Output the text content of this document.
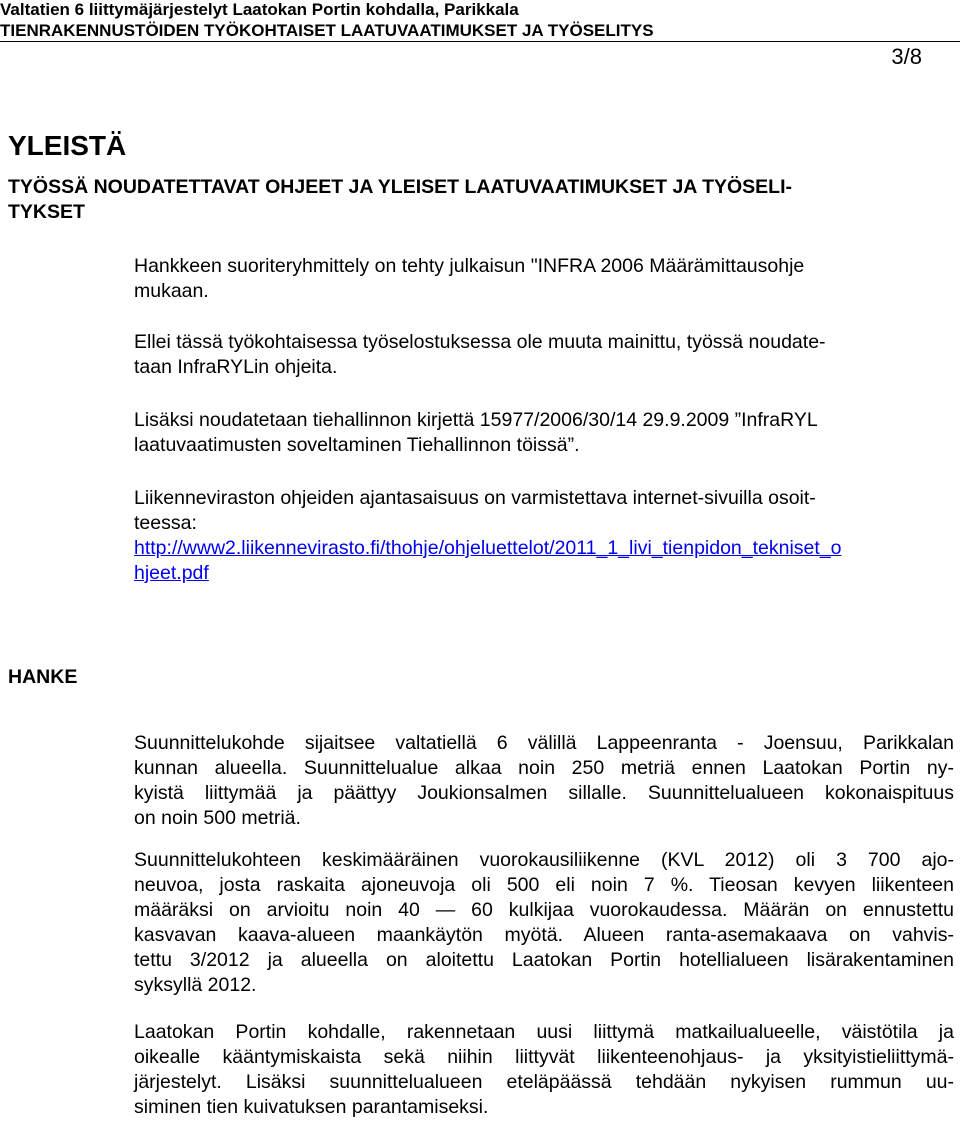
Valtatien 6 liittymäjärjestelyt Laatokan Portin kohdalla, Parikkala
TIENRAKENNUSTÖIDEN TYÖKOHTAISET LAATUVAATIMUKSET JA TYÖSELITYS
3/8
YLEISTÄ
TYÖSSÄ NOUDATETTAVAT OHJEET JA YLEISET LAATUVAATIMUKSET JA TYÖSELI-
TYKSET
Hankkeen suoriteryhmittely on tehty julkaisun "INFRA 2006 Määrämittausohje
mukaan.
Ellei tässä työkohtaisessa työselostuksessa ole muuta mainittu, työssä noudate-
taan InfraRYLin ohjeita.
Lisäksi noudatetaan tiehallinnon kirjettä 15977/2006/30/14 29.9.2009 ”InfraRYL
laatuvaatimusten soveltaminen Tiehallinnon töissä”.
Liikenneviraston ohjeiden ajantasaisuus on varmistettava internet-sivuilla osoit-
teessa:
http://www2.liikennevirasto.fi/thohje/ohjeluettelot/2011_1_livi_tienpidon_tekniset_o
hjeet.pdf
HANKE
Suunnittelukohde sijaitsee valtatiellä 6 välillä Lappeenranta - Joensuu, Parikkalan
kunnan alueella. Suunnittelualue alkaa noin 250 metriä ennen Laatokan Portin ny-
kyistä liittymää ja päättyy Joukionsalmen sillalle. Suunnittelualueen kokonaispituus
on noin 500 metriä.
Suunnittelukohteen keskimääräinen vuorokausiliikenne (KVL 2012) oli 3 700 ajo-
neuvoa, josta raskaita ajoneuvoja oli 500 eli noin 7 %. Tieosan kevyen liikenteen
määräksi on arvioitu noin 40 — 60 kulkijaa vuorokaudessa. Määrän on ennustettu
kasvavan kaava-alueen maankäytön myötä. Alueen ranta-asemakaava on vahvis-
tettu 3/2012 ja alueella on aloitettu Laatokan Portin hotellialueen lisärakentaminen
syksyllä 2012.
Laatokan Portin kohdalle, rakennetaan uusi liittymä matkailualueelle, väistötila ja
oikealle kääntymiskaista sekä niihin liittyvät liikenteenohjaus- ja yksityistieliittymä-
järjestelyt. Lisäksi suunnittelualueen eteläpäässä tehdään nykyisen rummun uu-
siminen tien kuivatuksen parantamiseksi.
